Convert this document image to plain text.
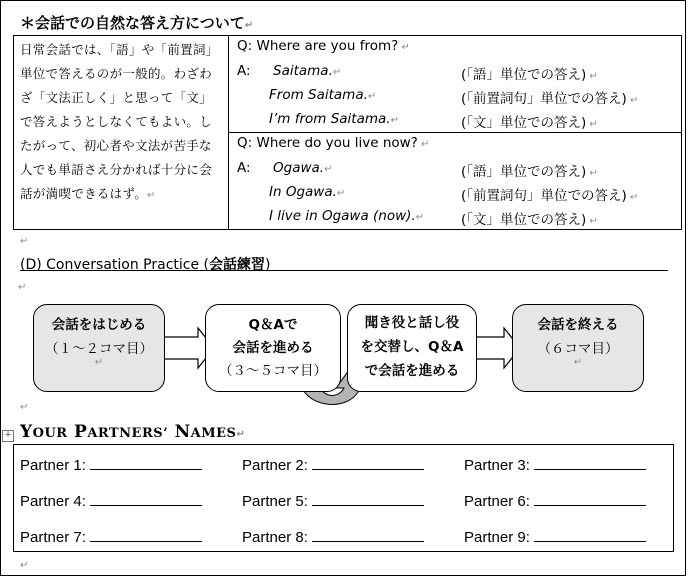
＊会話での自然な答え方について↵
日常会話では、「語」や「前置詞」単位で答えるのが一般的。わざわざ「文法正しく」と思って「文」で答えようとしなくてもよい。したがって、初心者や文法が苦手な人でも単語さえ分かれば十分に会話が満喫できるはず。↵	
Q: Where are you from? ↵
A: Saitama.↵	(「語」単位での答え) ↵
From Saitama.↵	(「前置詞句」単位での答え) ↵
I’m from Saitama.↵	(「文」単位での答え) ↵

Q: Where do you live now? ↵
A: Ogawa.↵	(「語」単位での答え) ↵
In Ogawa.↵	(「前置詞句」単位での答え) ↵
I live in Ogawa (now).↵	(「文」単位での答え) ↵
↵
(D) Conversation Practice (会話練習)
↵
会話をはじめる
（１～２コマ目）
↵
Q＆Aで
会話を進める
（３～５コマ目）
聞き役と話し役
を交替し、Q＆A
で会話を進める
会話を終える
（６コマ目）
↵
↵
+ YOUR PARTNERS’ NAMES↵
Partner 1:	Partner 2:	Partner 3:
Partner 4:	Partner 5:	Partner 6:
Partner 7:	Partner 8:	Partner 9:
↵
